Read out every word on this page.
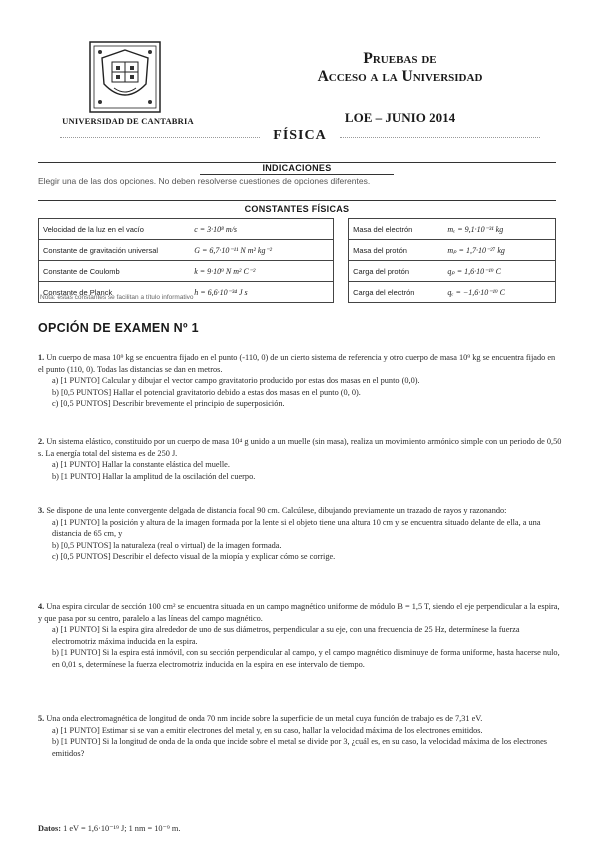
UNIVERSIDAD DE CANTABRIA
Pruebas de
Acceso a la Universidad
LOE – JUNIO 2014
FÍSICA
INDICACIONES
Elegir una de las dos opciones. No deben resolverse cuestiones de opciones diferentes.
CONSTANTES FÍSICAS
Velocidad de la luz en el vacío	c = 3·10⁸ m/s		Masa del electrón	mₑ = 9,1·10⁻³¹ kg
Constante de gravitación universal	G = 6,7·10⁻¹¹ N m² kg⁻²		Masa del protón	mₚ = 1,7·10⁻²⁷ kg
Constante de Coulomb	k = 9·10⁹ N m² C⁻²		Carga del protón	qₚ = 1,6·10⁻¹⁹ C
Constante de Planck	h = 6,6·10⁻³⁴ J s		Carga del electrón	qₑ = −1,6·10⁻¹⁹ C
Nota: estas constantes se facilitan a título informativo
OPCIÓN DE EXAMEN Nº 1

1. Un cuerpo de masa 10⁹ kg se encuentra fijado en el punto (-110, 0) de un cierto sistema de referencia y otro cuerpo de masa 10⁹ kg se encuentra fijado en el punto (110, 0). Todas las distancias se dan en metros.

a) [1 PUNTO] Calcular y dibujar el vector campo gravitatorio producido por estas dos masas en el punto (0,0).
b) [0,5 PUNTOS] Hallar el potencial gravitatorio debido a estas dos masas en el punto (0, 0).
c) [0,5 PUNTOS] Describir brevemente el principio de superposición.

2. Un sistema elástico, constituido por un cuerpo de masa 10⁴ g unido a un muelle (sin masa), realiza un movimiento armónico simple con un periodo de 0,50 s. La energía total del sistema es de 250 J.

a) [1 PUNTO] Hallar la constante elástica del muelle.
b) [1 PUNTO] Hallar la amplitud de la oscilación del cuerpo.

3. Se dispone de una lente convergente delgada de distancia focal 90 cm. Calcúlese, dibujando previamente un trazado de rayos y razonando:

a) [1 PUNTO] la posición y altura de la imagen formada por la lente si el objeto tiene una altura 10 cm y se encuentra situado delante de ella, a una distancia de 65 cm, y
b) [0,5 PUNTOS] la naturaleza (real o virtual) de la imagen formada.
c) [0,5 PUNTOS] Describir el defecto visual de la miopía y explicar cómo se corrige.

4. Una espira circular de sección 100 cm² se encuentra situada en un campo magnético uniforme de módulo B = 1,5 T, siendo el eje perpendicular a la espira, y que pasa por su centro, paralelo a las líneas del campo magnético.

a) [1 PUNTO] Si la espira gira alrededor de uno de sus diámetros, perpendicular a su eje, con una frecuencia de 25 Hz, determínese la fuerza electromotriz máxima inducida en la espira.
b) [1 PUNTO] Si la espira está inmóvil, con su sección perpendicular al campo, y el campo magnético disminuye de forma uniforme, hasta hacerse nulo, en 0,01 s, determínese la fuerza electromotriz inducida en la espira en ese intervalo de tiempo.

5. Una onda electromagnética de longitud de onda 70 nm incide sobre la superficie de un metal cuya función de trabajo es de 7,31 eV.

a) [1 PUNTO] Estimar si se van a emitir electrones del metal y, en su caso, hallar la velocidad máxima de los electrones emitidos.
b) [1 PUNTO] Si la longitud de onda de la onda que incide sobre el metal se divide por 3, ¿cuál es, en su caso, la velocidad máxima de los electrones emitidos?
Datos: 1 eV = 1,6·10⁻¹⁹ J; 1 nm = 10⁻⁹ m.
